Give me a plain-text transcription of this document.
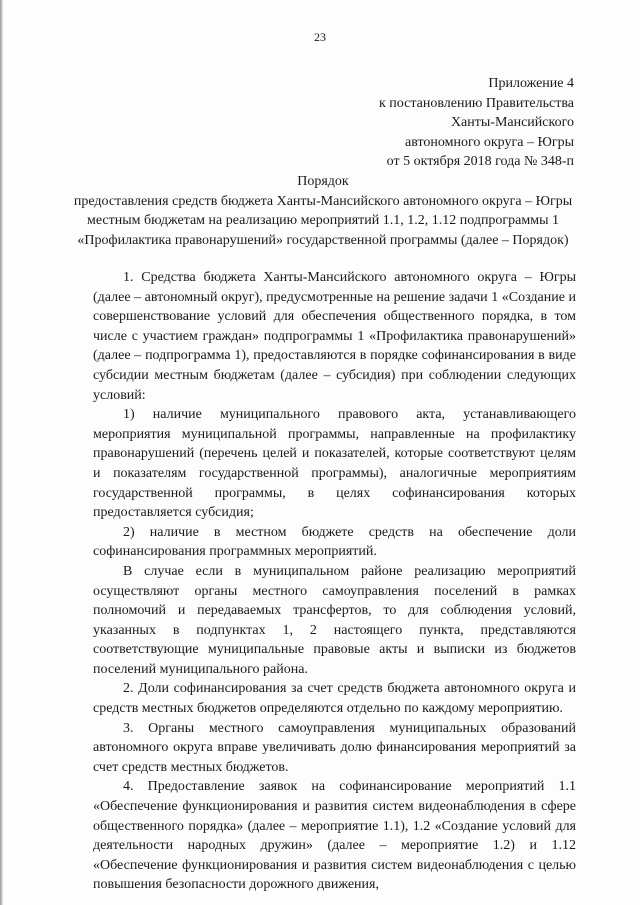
23
Приложение 4
к постановлению Правительства
Ханты-Мансийского
автономного округа – Югры
от 5 октября 2018 года № 348-п
Порядок
предоставления средств бюджета Ханты-Мансийского автономного округа – Югры местным бюджетам на реализацию мероприятий 1.1, 1.2, 1.12 подпрограммы 1 «Профилактика правонарушений» государственной программы (далее – Порядок)

1. Средства бюджета Ханты-Мансийского автономного округа – Югры (далее – автономный округ), предусмотренные на решение задачи 1 «Создание и совершенствование условий для обеспечения общественного порядка, в том числе с участием граждан» подпрограммы 1 «Профилактика правонарушений» (далее – подпрограмма 1), предоставляются в порядке софинансирования в виде субсидии местным бюджетам (далее – субсидия) при соблюдении следующих условий:

1) наличие муниципального правового акта, устанавливающего мероприятия муниципальной программы, направленные на профилактику правонарушений (перечень целей и показателей, которые соответствуют целям и показателям государственной программы), аналогичные мероприятиям государственной программы, в целях софинансирования которых предоставляется субсидия;

2) наличие в местном бюджете средств на обеспечение доли софинансирования программных мероприятий.

В случае если в муниципальном районе реализацию мероприятий осуществляют органы местного самоуправления поселений в рамках полномочий и передаваемых трансфертов, то для соблюдения условий, указанных в подпунктах 1, 2 настоящего пункта, представляются соответствующие муниципальные правовые акты и выписки из бюджетов поселений муниципального района.

2. Доли софинансирования за счет средств бюджета автономного округа и средств местных бюджетов определяются отдельно по каждому мероприятию.

3. Органы местного самоуправления муниципальных образований автономного округа вправе увеличивать долю финансирования мероприятий за счет средств местных бюджетов.

4. Предоставление заявок на софинансирование мероприятий 1.1 «Обеспечение функционирования и развития систем видеонаблюдения в сфере общественного порядка» (далее – мероприятие 1.1), 1.2 «Создание условий для деятельности народных дружин» (далее – мероприятие 1.2) и 1.12 «Обеспечение функционирования и развития систем видеонаблюдения с целью повышения безопасности дорожного движения,
